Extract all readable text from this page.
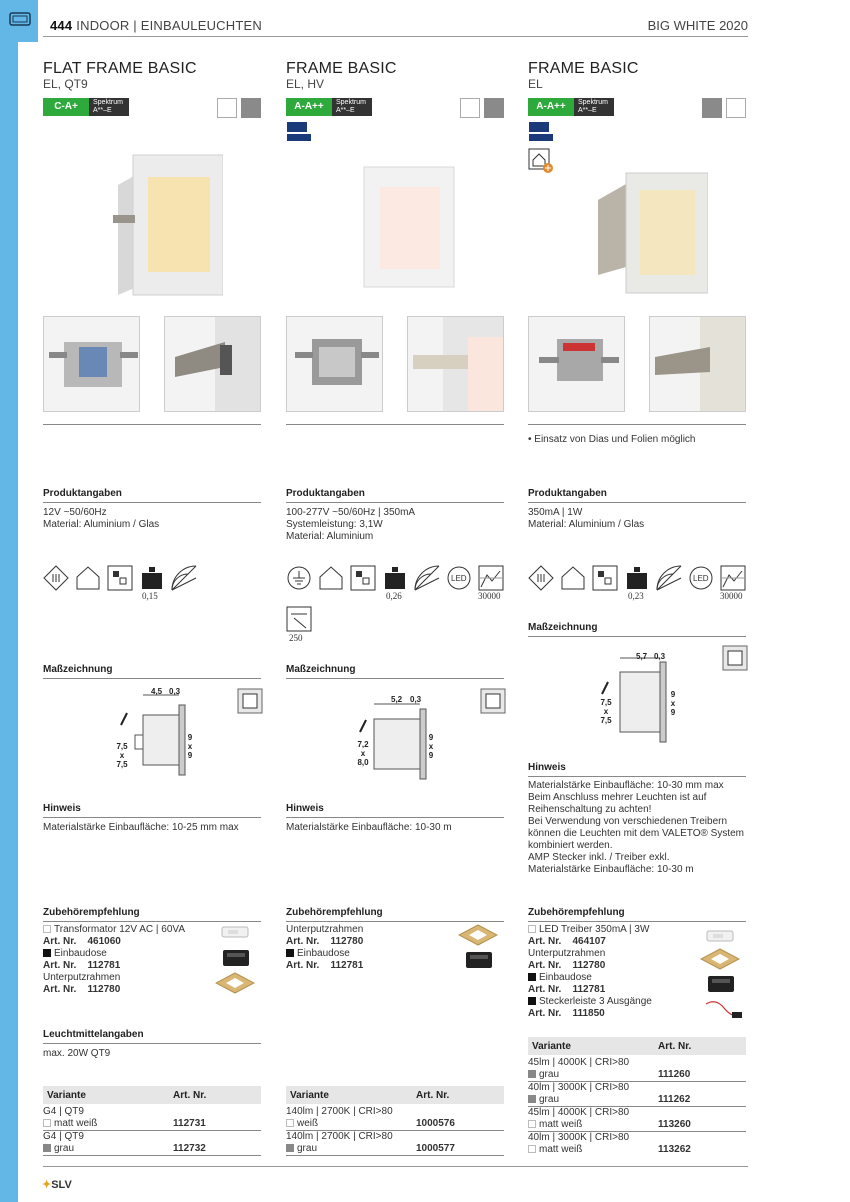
444 INDOOR | EINBAULEUCHTEN	BIG WHITE 2020
FLAT FRAME BASIC
EL, QT9
C-A+	Spektrum
A**–E
Produktangaben
12V ~50/60Hz
Material: Aluminium / Glas
0,15
Maßzeichnung
4,5 0,3
7,5
x
7,5
9
x
9
Hinweis
Materialstärke Einbaufläche: 10-25 mm max
Zubehörempfehlung
Transformator 12V AC | 60VA
Art. Nr. 461060
Einbaudose
Art. Nr. 112781
Unterputzrahmen
Art. Nr. 112780
Leuchtmittelangaben
max. 20W QT9
Variante	Art. Nr.
G4 | QT9
matt weiß	112731
G4 | QT9
grau	112732
FRAME BASIC
EL, HV
A-A++	Spektrum
A**–E
Produktangaben
100-277V ~50/60Hz | 350mA
Systemleistung: 3,1W
Material: Aluminium
LED
0,26	30000
250
Maßzeichnung
5,2 0,3
7,2
x
8,0
9
x
9
Hinweis
Materialstärke Einbaufläche: 10-30 m
Zubehörempfehlung
Unterputzrahmen
Art. Nr. 112780
Einbaudose
Art. Nr. 112781
Variante	Art. Nr.
140lm | 2700K | CRI>80
weiß	1000576
140lm | 2700K | CRI>80
grau	1000577
FRAME BASIC
EL
A-A++	Spektrum
A**–E
• Einsatz von Dias und Folien möglich
Produktangaben
350mA | 1W
Material: Aluminium / Glas
LED
0,23	30000
Maßzeichnung
5,7 0,3
7,5
x
7,5
9
x
9
Hinweis
Materialstärke Einbaufläche: 10-30 mm max
Beim Anschluss mehrer Leuchten ist auf
Reihenschaltung zu achten!
Bei Verwendung von verschiedenen Treibern
können die Leuchten mit dem VALETO® System
kombiniert werden.
AMP Stecker inkl. / Treiber exkl.
Materialstärke Einbaufläche: 10-30 m
Zubehörempfehlung
LED Treiber 350mA | 3W
Art. Nr. 464107
Unterputzrahmen
Art. Nr. 112780
Einbaudose
Art. Nr. 112781
Steckerleiste 3 Ausgänge
Art. Nr. 111850
Variante	Art. Nr.
45lm | 4000K | CRI>80
grau	111260
40lm | 3000K | CRI>80
grau	111262
45lm | 4000K | CRI>80
matt weiß	113260
40lm | 3000K | CRI>80
matt weiß	113262
✦SLV
